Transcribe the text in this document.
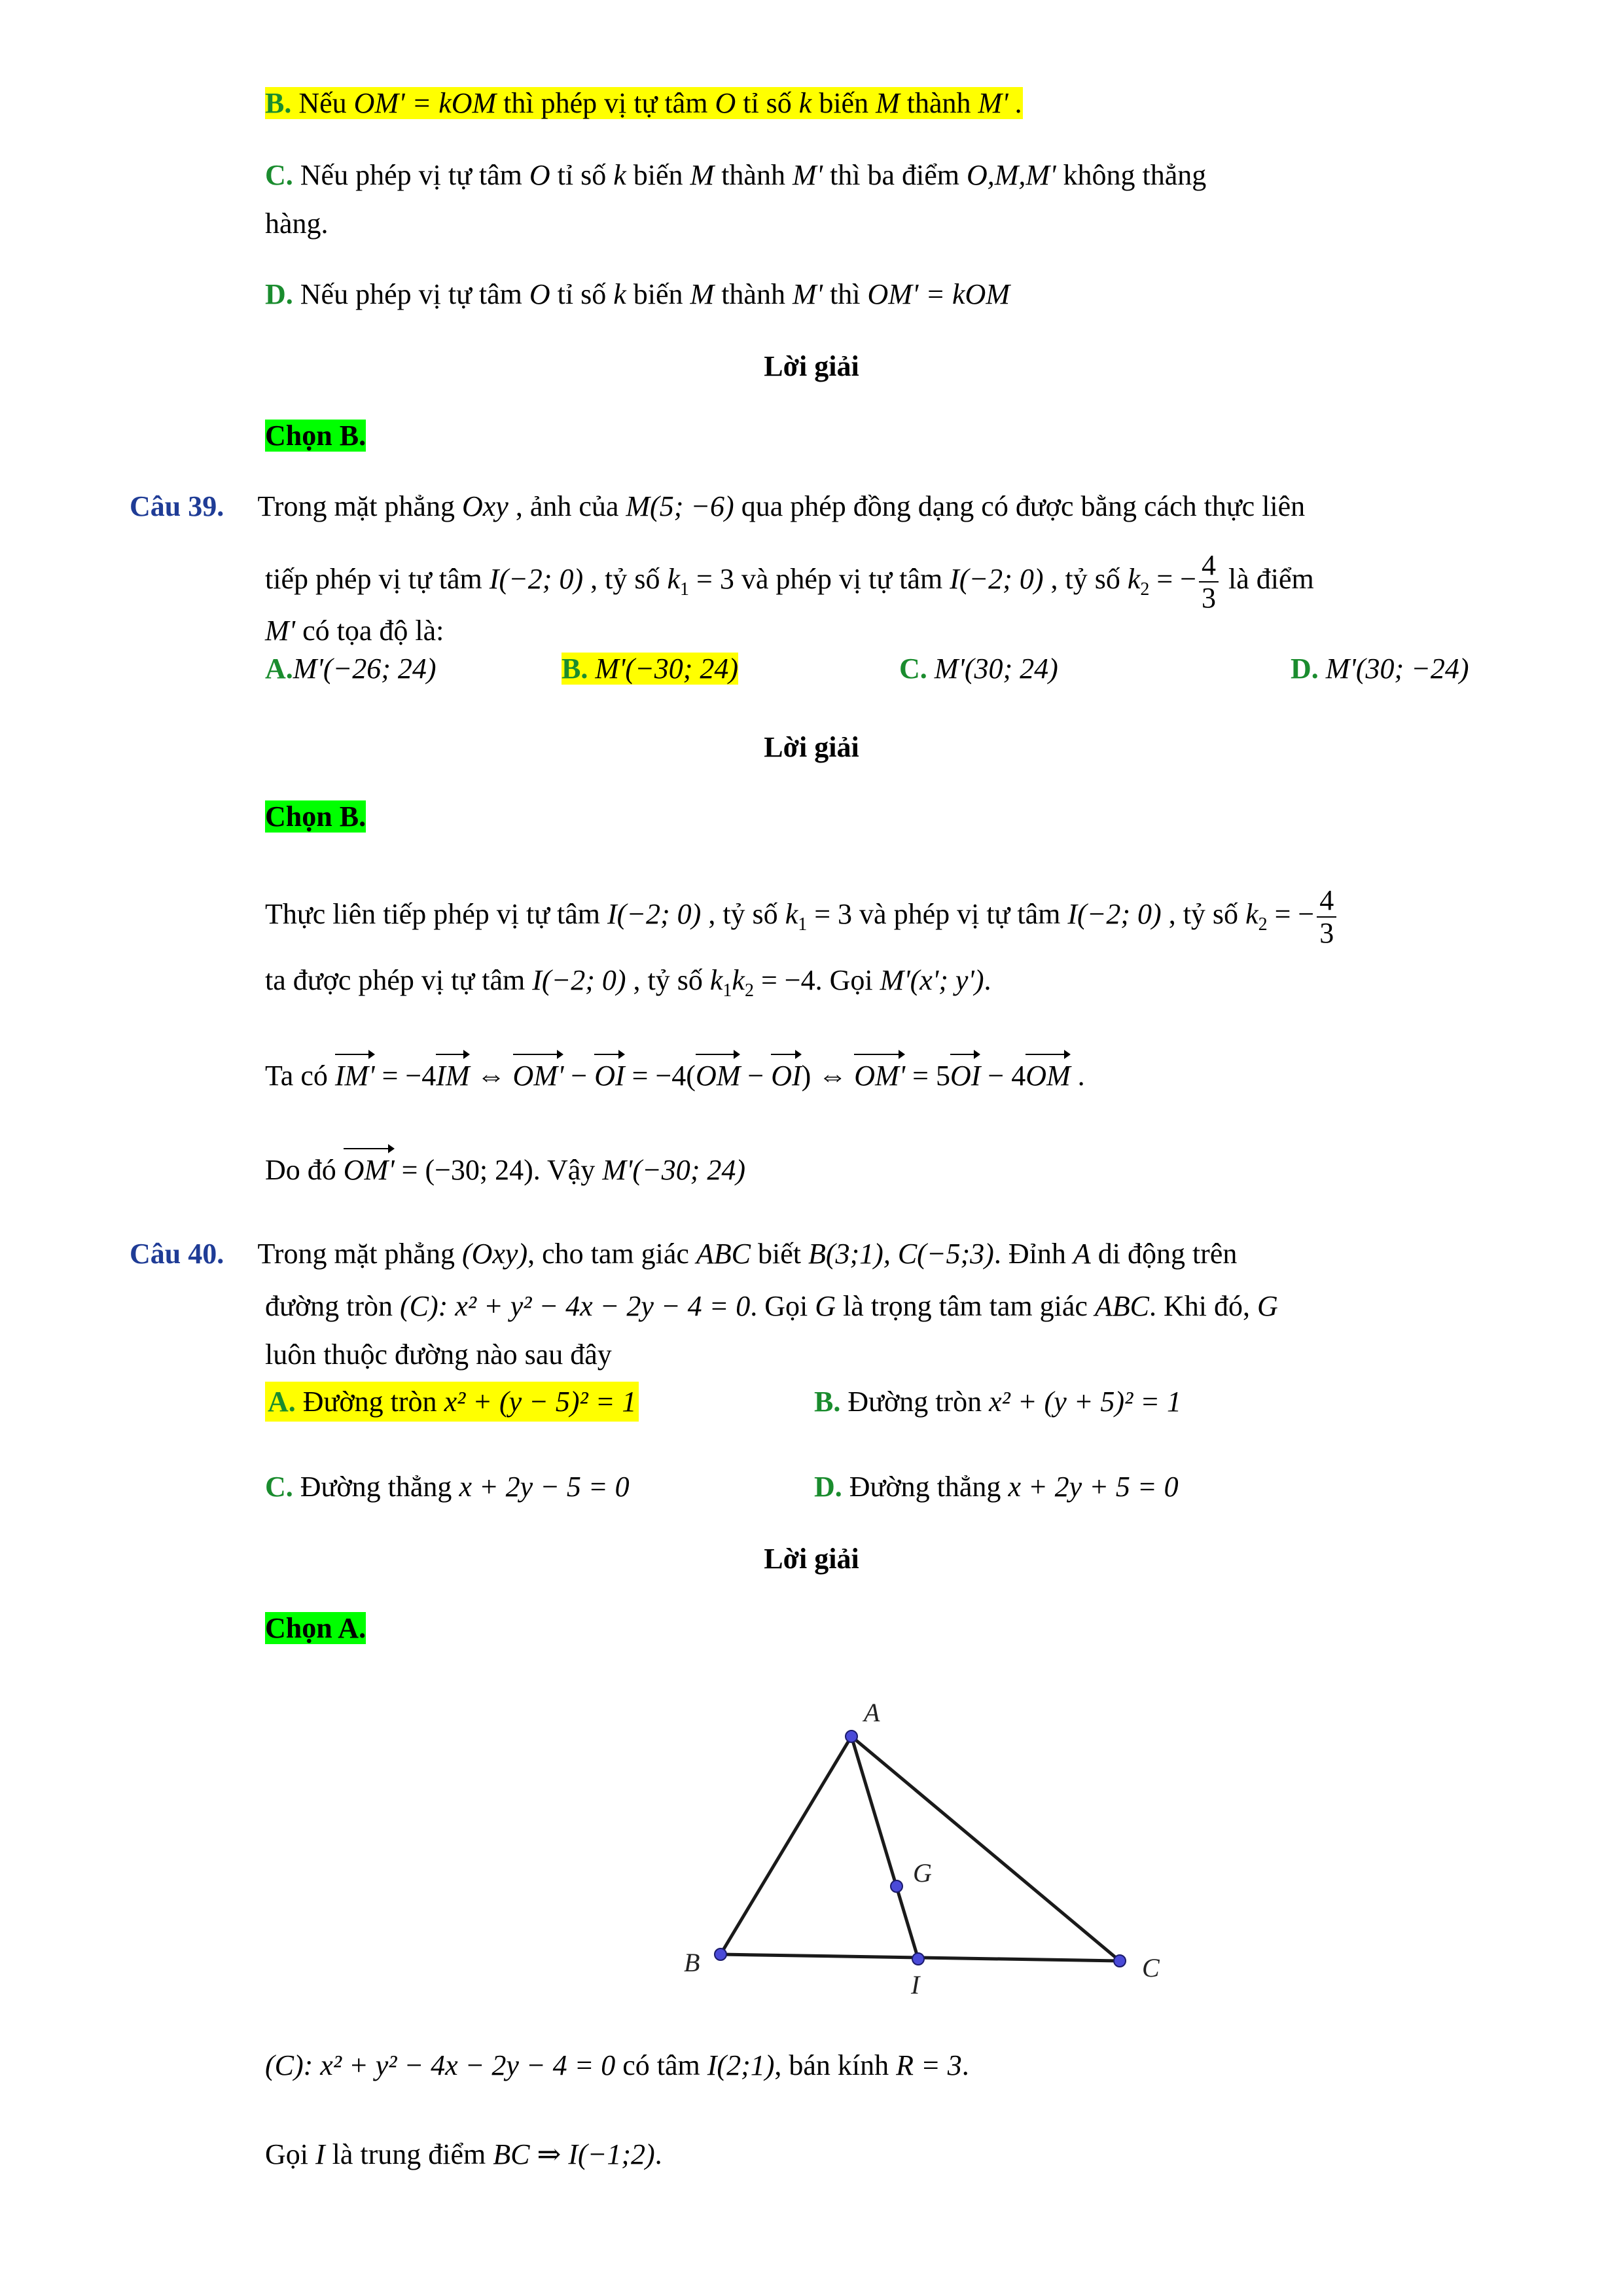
B. Nếu OM' = kOM thì phép vị tự tâm O tỉ số k biến M thành M' .
C. Nếu phép vị tự tâm O tỉ số k biến M thành M' thì ba điểm O,M,M' không thẳng
hàng.
D. Nếu phép vị tự tâm O tỉ số k biến M thành M' thì OM' = kOM
Lời giải
Chọn B.
Câu 39. Trong mặt phẳng Oxy , ảnh của M(5; −6) qua phép đồng dạng có được bằng cách thực liên
tiếp phép vị tự tâm I(−2; 0) , tỷ số $k_1 = 3$ và phép vị tự tâm I(−2; 0) , tỷ số $k_2$ = − $\frac{4}{3}$ là điểm
M' có tọa độ là:
A.M'(−26; 24)	B. M'(−30; 24)	C. M'(30; 24)	D. M'(30; −24)
Lời giải
Chọn B.
Thực liên tiếp phép vị tự tâm I(−2; 0) , tỷ số $k_1 = 3$ và phép vị tự tâm I(−2; 0) , tỷ số $k_2$ = − $\frac{4}{3}$
ta được phép vị tự tâm I(−2; 0) , tỷ số $k_1k_2 = -4$. Gọi M'(x'; y').
Ta có IM' = −4IM ⇔ OM' − OI = −4(OM − OI) ⇔ OM' = 5OI − 4OM .
Do đó OM' = (−30; 24). Vậy M'(−30; 24)
Câu 40. Trong mặt phẳng (Oxy), cho tam giác ABC biết B(3;1), C(−5;3). Đỉnh A di động trên
đường tròn (C): x² + y² − 4x − 2y − 4 = 0. Gọi G là trọng tâm tam giác ABC. Khi đó, G
luôn thuộc đường nào sau đây
A. Đường tròn x² + (y − 5)² = 1	B. Đường tròn x² + (y + 5)² = 1
C. Đường thẳng x + 2y − 5 = 0	D. Đường thẳng x + 2y + 5 = 0
Lời giải
Chọn A.
A
B	C
G
I
(C): x² + y² − 4x − 2y − 4 = 0 có tâm I(2;1), bán kính R = 3.
Gọi I là trung điểm BC ⇒ I(−1;2).
